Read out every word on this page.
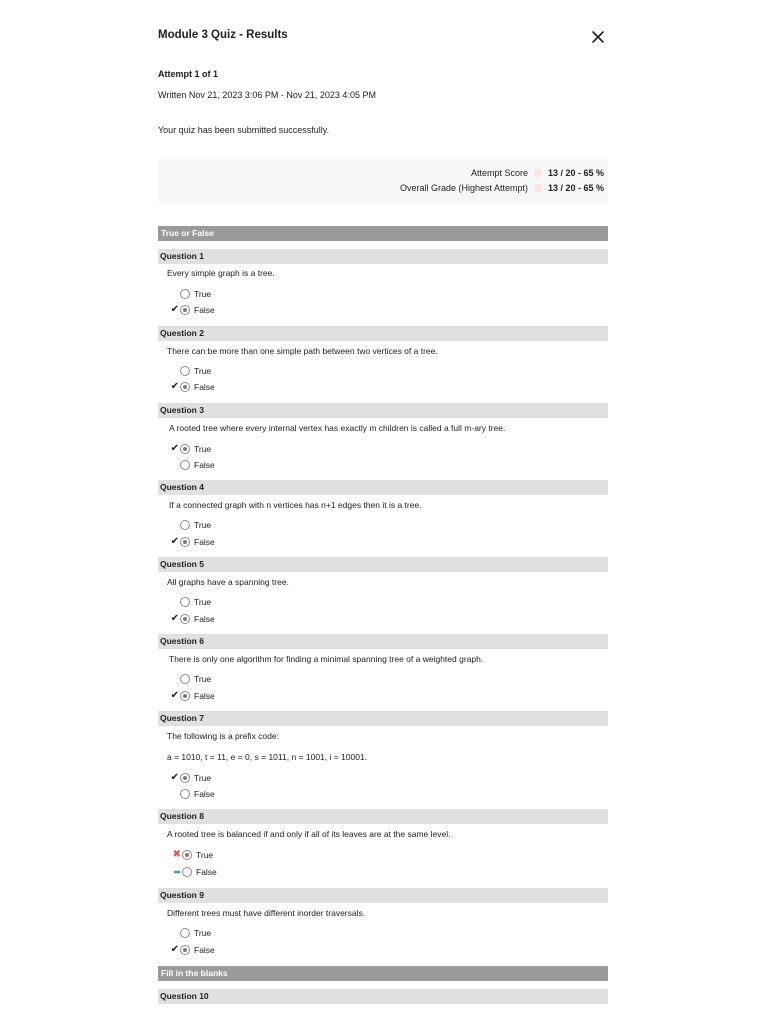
Module 3 Quiz - Results
Attempt 1 of 1
Written Nov 21, 2023 3:06 PM - Nov 21, 2023 4:05 PM
Your quiz has been submitted successfully.
Attempt Score 13 / 20 - 65 %
Overall Grade (Highest Attempt) 13 / 20 - 65 %
True or False
Question 1
Every simple graph is a tree.
True
✔ False
Question 2
There can be more than one simple path between two vertices of a tree.
True
✔ False
Question 3
A rooted tree where every internal vertex has exactly m children is called a full m-ary tree.
✔ True
False
Question 4
If a connected graph with n vertices has n+1 edges then it is a tree.
True
✔ False
Question 5
All graphs have a spanning tree.
True
✔ False
Question 6
There is only one algorithm for finding a minimal spanning tree of a weighted graph.
True
✔ False
Question 7
The following is a prefix code:
a = 1010, t = 11, e = 0, s = 1011, n = 1001, i = 10001.
✔ True
False
Question 8
A rooted tree is balanced if and only if all of its leaves are at the same level.
✖ True
➡ False
Question 9
Different trees must have different inorder traversals.
True
✔ False
Fill in the blanks
Question 10
